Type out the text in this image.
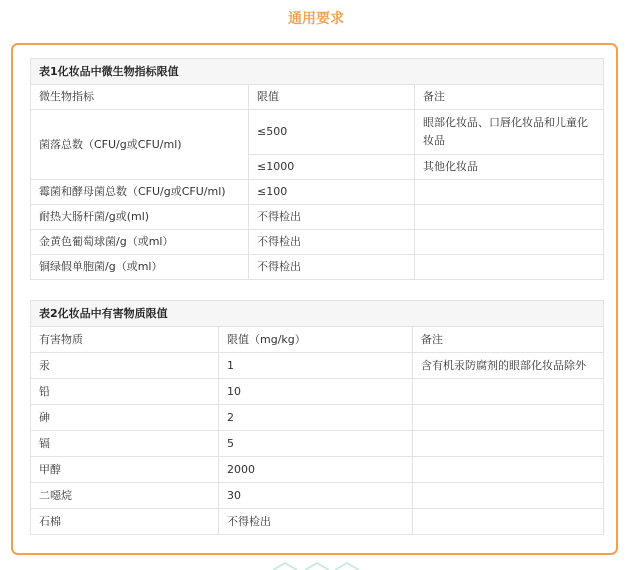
通用要求
表1化妆品中微生物指标限值		
微生物指标	限值	备注
菌落总数（CFU/g或CFU/ml)	≤500	眼部化妆品、口唇化妆品和儿童化妆品
	≤1000	其他化妆品
霉菌和酵母菌总数（CFU/g或CFU/ml)	≤100	
耐热大肠杆菌/g或(ml)	不得检出	
金黄色葡萄球菌/g（或ml）	不得检出	
铜绿假单胞菌/g（或ml）	不得检出	
表2化妆品中有害物质限值		
有害物质	限值（mg/kg）	备注
汞	1	含有机汞防腐剂的眼部化妆品除外
铅	10	
砷	2	
镉	5	
甲醇	2000	
二噁烷	30	
石棉	不得检出	
